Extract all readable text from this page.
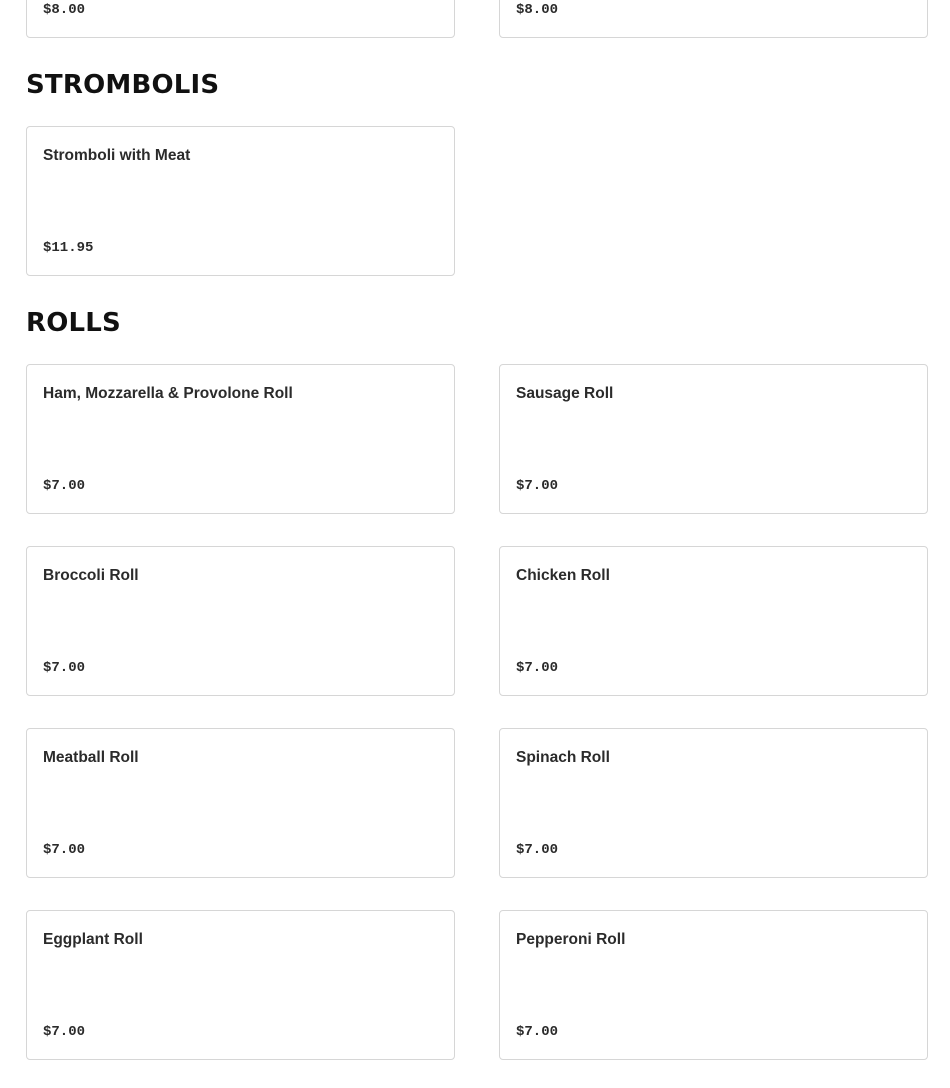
$8.00	$8.00
STROMBOLIS
Stromboli with Meat
$11.95
ROLLS
Ham, Mozzarella & Provolone Roll
$7.00
Sausage Roll
$7.00
Broccoli Roll
$7.00
Chicken Roll
$7.00
Meatball Roll
$7.00
Spinach Roll
$7.00
Eggplant Roll
$7.00
Pepperoni Roll
$7.00
